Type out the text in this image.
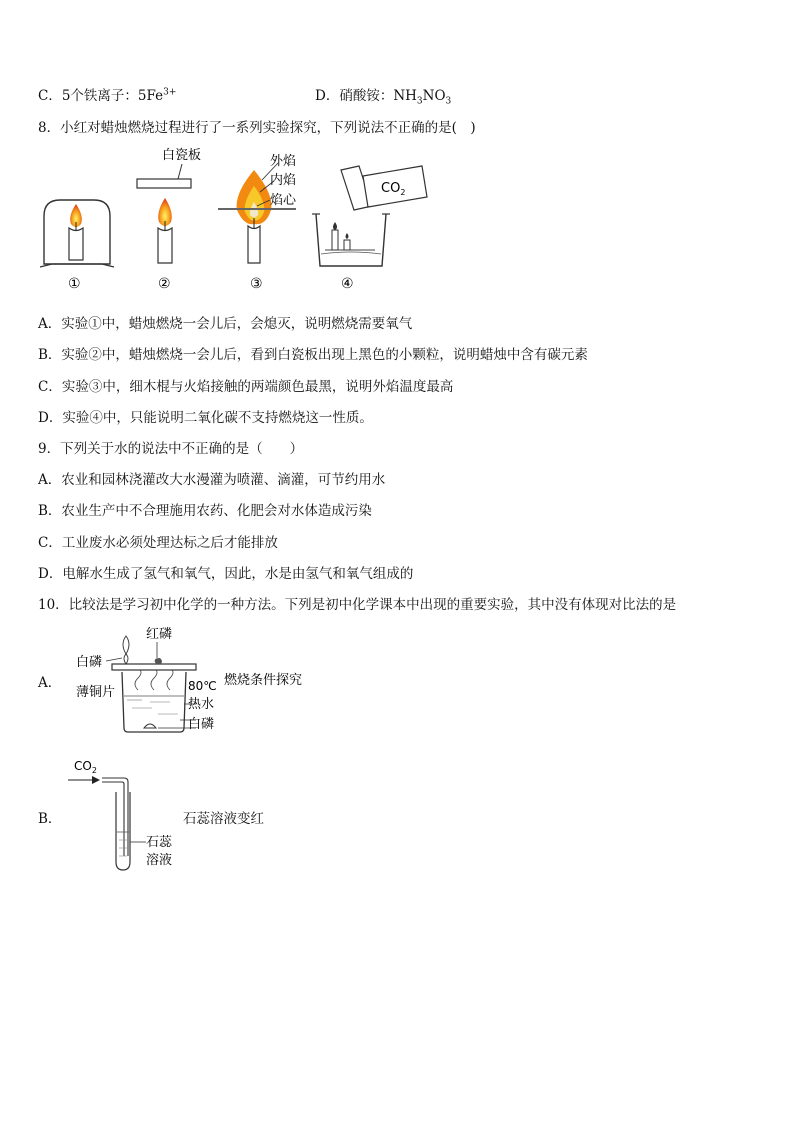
C．5个铁离子：$5Fe^{3+}$	D．硝酸铵：$NH_3NO_3$
8．小红对蜡烛燃烧过程进行了一系列实验探究，下列说法不正确的是(　)
白瓷板	外焰
内焰
焰心
$CO_2$
①	②	③	④
A．实验①中，蜡烛燃烧一会儿后，会熄灭，说明燃烧需要氧气
B．实验②中，蜡烛燃烧一会儿后，看到白瓷板出现上黑色的小颗粒，说明蜡烛中含有碳元素
C．实验③中，细木棍与火焰接触的两端颜色最黑，说明外焰温度最高
D．实验④中，只能说明二氧化碳不支持燃烧这一性质。
9．下列关于水的说法中不正确的是（　　）
A．农业和园林浇灌改大水漫灌为喷灌、滴灌，可节约用水
B．农业生产中不合理施用农药、化肥会对水体造成污染
C．工业废水必须处理达标之后才能排放
D．电解水生成了氢气和氧气，因此，水是由氢气和氧气组成的
10．比较法是学习初中化学的一种方法。下列是初中化学课本中出现的重要实验，其中没有体现对比法的是
A．
红磷
白磷
薄铜片	80℃
热水
白磷
燃烧条件探究
B．
$CO_2$
石蕊
溶液
石蕊溶液变红
